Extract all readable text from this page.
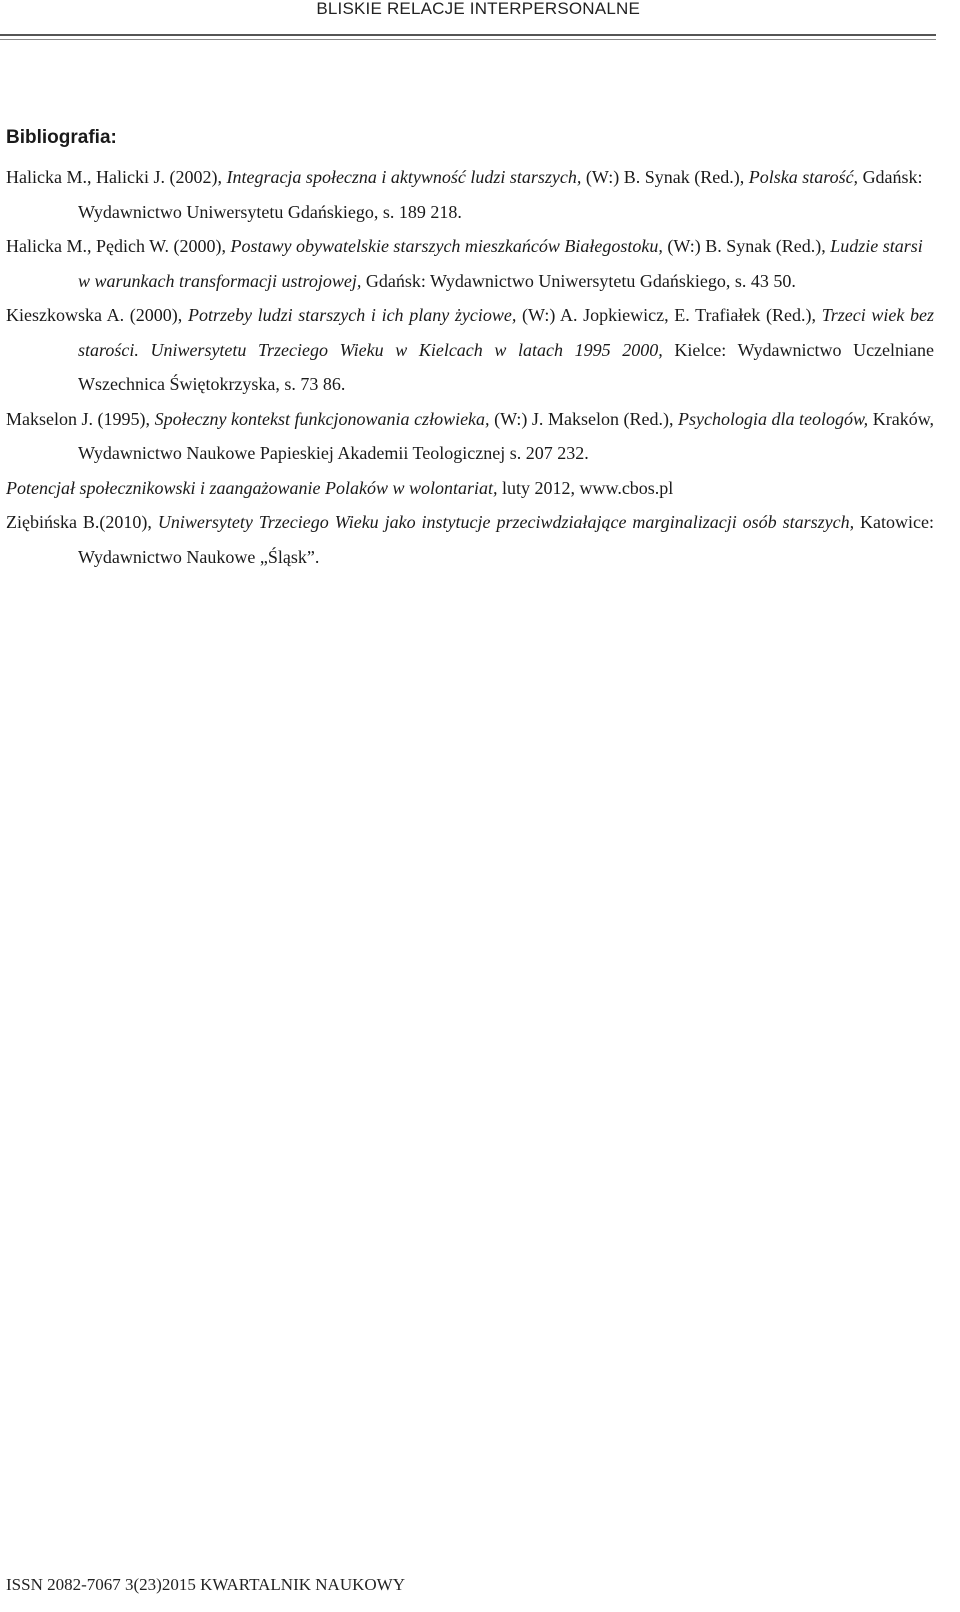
BLISKIE RELACJE INTERPERSONALNE
Bibliografia:

Halicka M., Halicki J. (2002), Integracja społeczna i aktywność ludzi starszych, (W:) B. Synak (Red.), Polska starość, Gdańsk: Wydawnictwo Uniwersytetu Gdańskiego, s. 189 218.

Halicka M., Pędich W. (2000), Postawy obywatelskie starszych mieszkańców Białegostoku, (W:) B. Synak (Red.), Ludzie starsi w warunkach transformacji ustrojowej, Gdańsk: Wydawnictwo Uniwersytetu Gdańskiego, s. 43 50.

Kieszkowska A. (2000), Potrzeby ludzi starszych i ich plany życiowe, (W:) A. Jopkiewicz, E. Trafiałek (Red.), Trzeci wiek bez starości. Uniwersytetu Trzeciego Wieku w Kielcach w latach 1995 2000, Kielce: Wydawnictwo Uczelniane Wszechnica Świętokrzyska, s. 73 86.

Makselon J. (1995), Społeczny kontekst funkcjonowania człowieka, (W:) J. Makselon (Red.), Psychologia dla teologów, Kraków, Wydawnictwo Naukowe Papieskiej Akademii Teologicznej s. 207 232.

Potencjał społecznikowski i zaangażowanie Polaków w wolontariat, luty 2012, www.cbos.pl

Ziębińska B.(2010), Uniwersytety Trzeciego Wieku jako instytucje przeciwdziałające marginalizacji osób starszych, Katowice: Wydawnictwo Naukowe „Śląsk”.

ISSN 2082-7067 3(23)2015 KWARTALNIK NAUKOWY
